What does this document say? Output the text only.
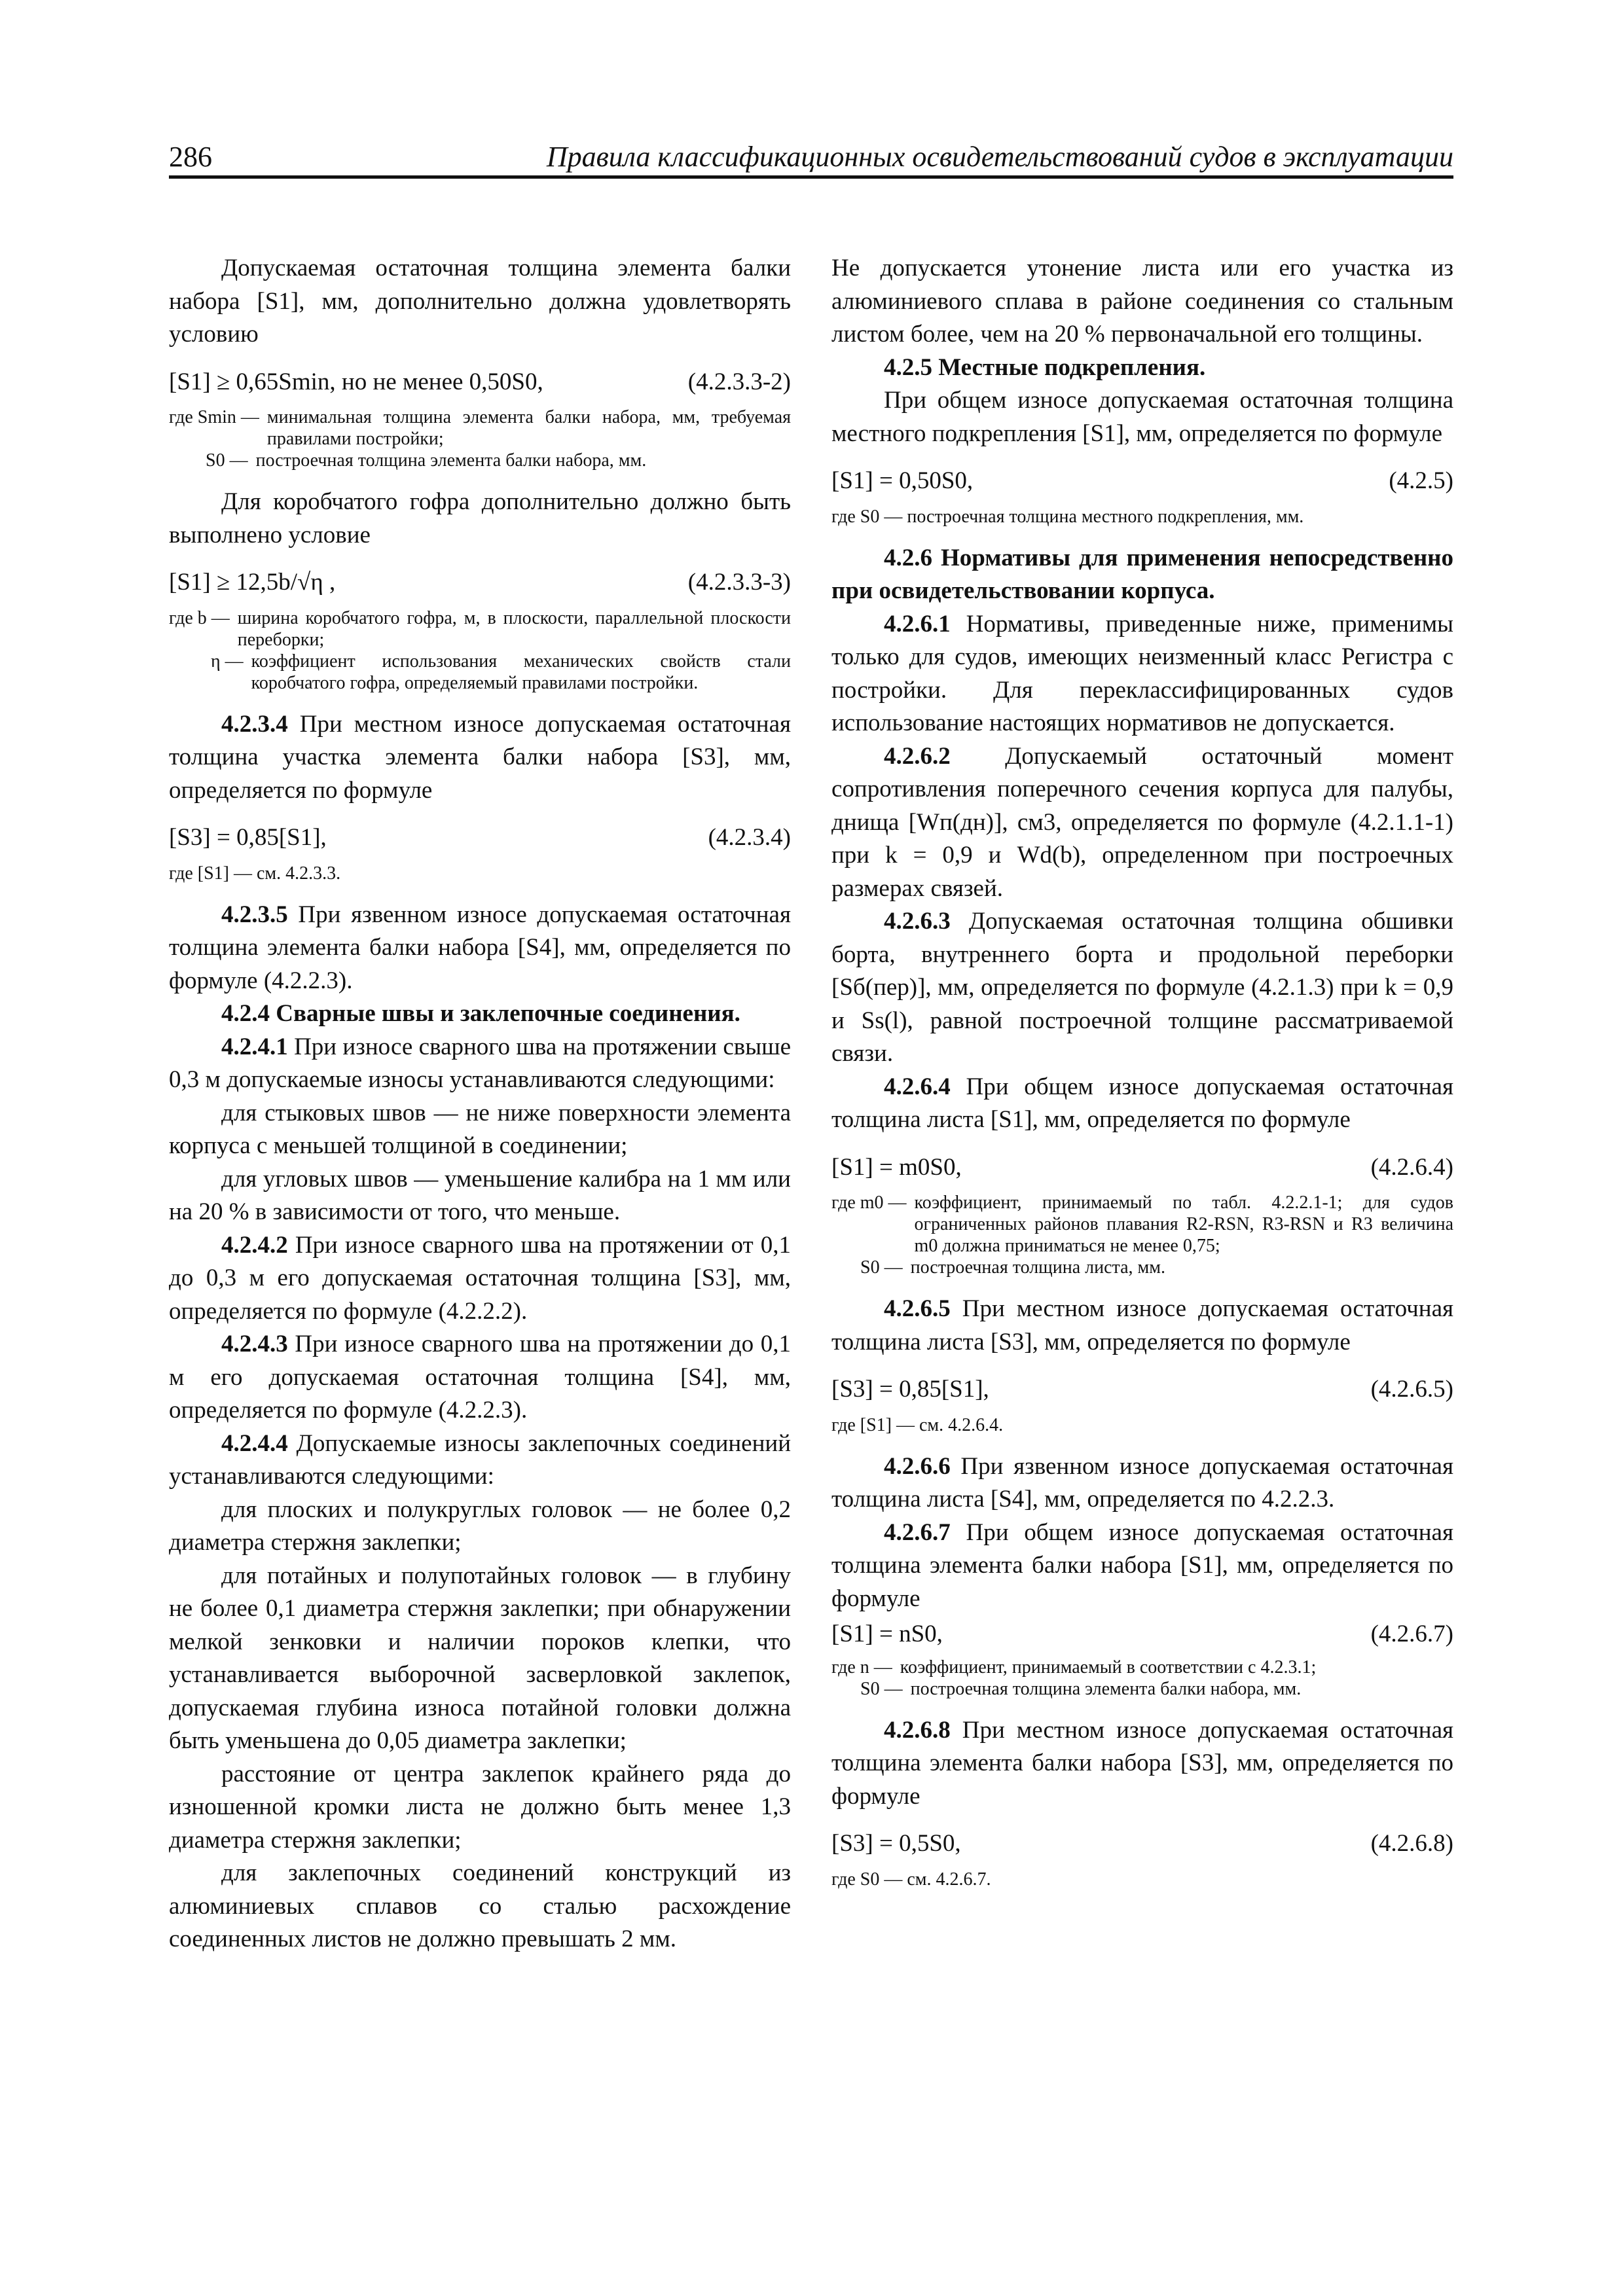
286	Правила классификационных освидетельствований судов в эксплуатации

Допускаемая остаточная толщина элемента балки набора [S1], мм, дополнительно должна удовлетворять условию

[S1] ≥ 0,65Smin, но не менее 0,50S0,	(4.2.3.3-2)
где Smin — минимальная толщина элемента балки набора, мм, требуемая правилами постройки;
S0 — построечная толщина элемента балки набора, мм.

Для коробчатого гофра дополнительно должно быть выполнено условие

[S1] ≥ 12,5b/√η ,	(4.2.3.3-3)
где b — ширина коробчатого гофра, м, в плоскости, параллельной плоскости переборки;
η — коэффициент использования механических свойств стали коробчатого гофра, определяемый правилами постройки.

4.2.3.4 При местном износе допускаемая остаточная толщина участка элемента балки набора [S3], мм, определяется по формуле

[S3] = 0,85[S1],	(4.2.3.4)
где [S1] — см. 4.2.3.3.

4.2.3.5 При язвенном износе допускаемая остаточная толщина элемента балки набора [S4], мм, определяется по формуле (4.2.2.3).

4.2.4 Сварные швы и заклепочные соединения.

4.2.4.1 При износе сварного шва на протяжении свыше 0,3 м допускаемые износы устанавливаются следующими:

для стыковых швов — не ниже поверхности элемента корпуса с меньшей толщиной в соединении;

для угловых швов — уменьшение калибра на 1 мм или на 20 % в зависимости от того, что меньше.

4.2.4.2 При износе сварного шва на протяжении от 0,1 до 0,3 м его допускаемая остаточная толщина [S3], мм, определяется по формуле (4.2.2.2).

4.2.4.3 При износе сварного шва на протяжении до 0,1 м его допускаемая остаточная толщина [S4], мм, определяется по формуле (4.2.2.3).

4.2.4.4 Допускаемые износы заклепочных соединений устанавливаются следующими:

для плоских и полукруглых головок — не более 0,2 диаметра стержня заклепки;

для потайных и полупотайных головок — в глубину не более 0,1 диаметра стержня заклепки; при обнаружении мелкой зенковки и наличии пороков клепки, что устанавливается выборочной засверловкой заклепок, допускаемая глубина износа потайной головки должна быть уменьшена до 0,05 диаметра заклепки;

расстояние от центра заклепок крайнего ряда до изношенной кромки листа не должно быть менее 1,3 диаметра стержня заклепки;

для заклепочных соединений конструкций из алюминиевых сплавов со сталью расхождение соединенных листов не должно превышать 2 мм.

Не допускается утонение листа или его участка из алюминиевого сплава в районе соединения со стальным листом более, чем на 20 % первоначальной его толщины.

4.2.5 Местные подкрепления.

При общем износе допускаемая остаточная толщина местного подкрепления [S1], мм, определяется по формуле

[S1] = 0,50S0,	(4.2.5)
где S0 — построечная толщина местного подкрепления, мм.

4.2.6 Нормативы для применения непосредственно при освидетельствовании корпуса.

4.2.6.1 Нормативы, приведенные ниже, применимы только для судов, имеющих неизменный класс Регистра с постройки. Для переклассифицированных судов использование настоящих нормативов не допускается.

4.2.6.2 Допускаемый остаточный момент сопротивления поперечного сечения корпуса для палубы, днища [Wп(дн)], см3, определяется по формуле (4.2.1.1-1) при k = 0,9 и Wd(b), определенном при построечных размерах связей.

4.2.6.3 Допускаемая остаточная толщина обшивки борта, внутреннего борта и продольной переборки [Sб(пер)], мм, определяется по формуле (4.2.1.3) при k = 0,9 и Ss(l), равной построечной толщине рассматриваемой связи.

4.2.6.4 При общем износе допускаемая остаточная толщина листа [S1], мм, определяется по формуле

[S1] = m0S0,	(4.2.6.4)
где m0 — коэффициент, принимаемый по табл. 4.2.2.1-1; для судов ограниченных районов плавания R2-RSN, R3-RSN и R3 величина m0 должна приниматься не менее 0,75;
S0 — построечная толщина листа, мм.

4.2.6.5 При местном износе допускаемая остаточная толщина листа [S3], мм, определяется по формуле

[S3] = 0,85[S1],	(4.2.6.5)
где [S1] — см. 4.2.6.4.

4.2.6.6 При язвенном износе допускаемая остаточная толщина листа [S4], мм, определяется по 4.2.2.3.

4.2.6.7 При общем износе допускаемая остаточная толщина элемента балки набора [S1], мм, определяется по формуле

[S1] = nS0,	(4.2.6.7)
где n — коэффициент, принимаемый в соответствии с 4.2.3.1;
S0 — построечная толщина элемента балки набора, мм.

4.2.6.8 При местном износе допускаемая остаточная толщина элемента балки набора [S3], мм, определяется по формуле

[S3] = 0,5S0,	(4.2.6.8)
где S0 — см. 4.2.6.7.
